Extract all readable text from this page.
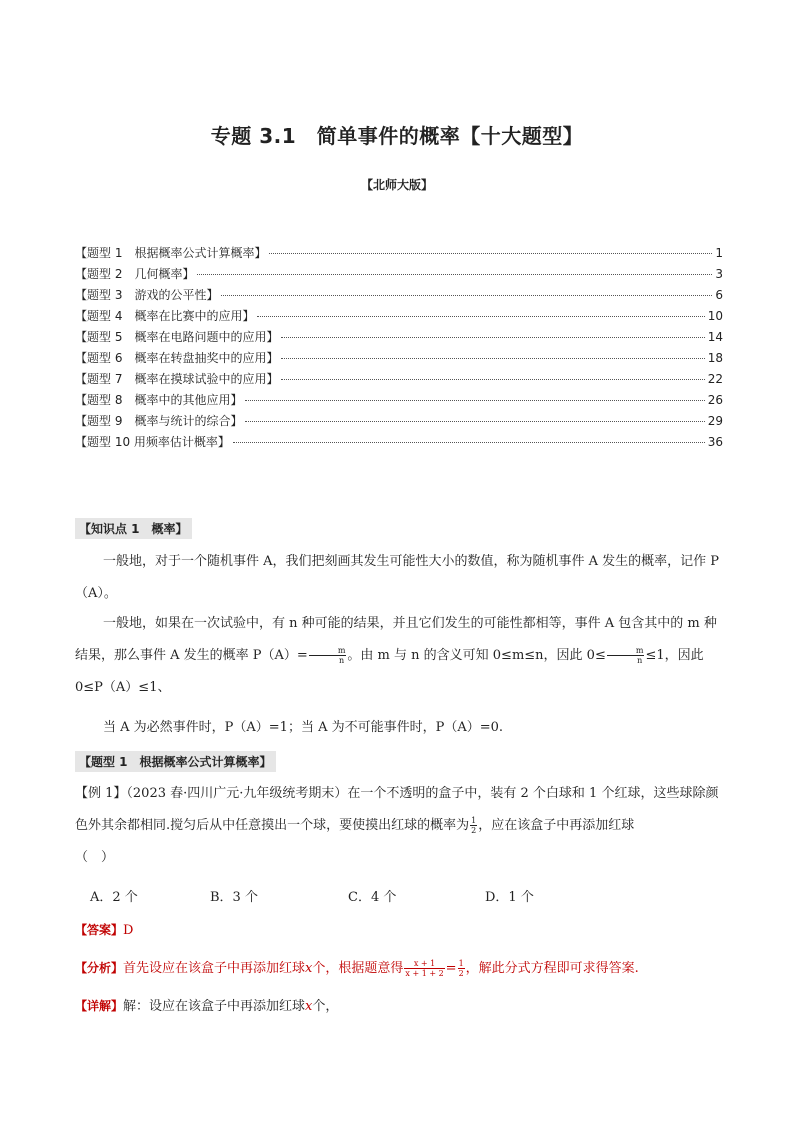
专题 3.1　简单事件的概率【十大题型】
【北师大版】
【题型 1　根据概率公式计算概率】	1
【题型 2　几何概率】	3
【题型 3　游戏的公平性】	6
【题型 4　概率在比赛中的应用】	10
【题型 5　概率在电路问题中的应用】	14
【题型 6　概率在转盘抽奖中的应用】	18
【题型 7　概率在摸球试验中的应用】	22
【题型 8　概率中的其他应用】	26
【题型 9　概率与统计的综合】	29
【题型 10 用频率估计概率】	36
【知识点 1　概率】
一般地，对于一个随机事件 A，我们把刻画其发生可能性大小的数值，称为随机事件 A 发生的概率，记作 P（A）。
一般地，如果在一次试验中，有 n 种可能的结果，并且它们发生的可能性都相等，事件 A 包含其中的 m 种结果，那么事件 A 发生的概率 $P(A)= \frac{m}{n}$ 。由 m 与 n 的含义可知 0≤m≤n，因此 $0\le \frac{m}{n} \le 1$，因此 0≤P（A）≤1、
当 A 为必然事件时，P（A）=1；当 A 为不可能事件时，P（A）=0.
【题型 1　根据概率公式计算概率】
【例 1】（2023 春·四川广元·九年级统考期末）在一个不透明的盒子中，装有 2 个白球和 1 个红球，这些球除颜色外其余都相同.搅匀后从中任意摸出一个球，要使摸出红球的概率为 $\frac{1}{2}$ ，应在该盒子中再添加红球
（　）
A．2 个	B．3 个	C．4 个	D．1 个
【答案】D
【分析】首先设应在该盒子中再添加红球x个，根据题意得 $\frac{x + 1}{x + 1 + 2} = \frac{1}{2}$ ，解此分式方程即可求得答案.
【详解】解：设应在该盒子中再添加红球x个，
